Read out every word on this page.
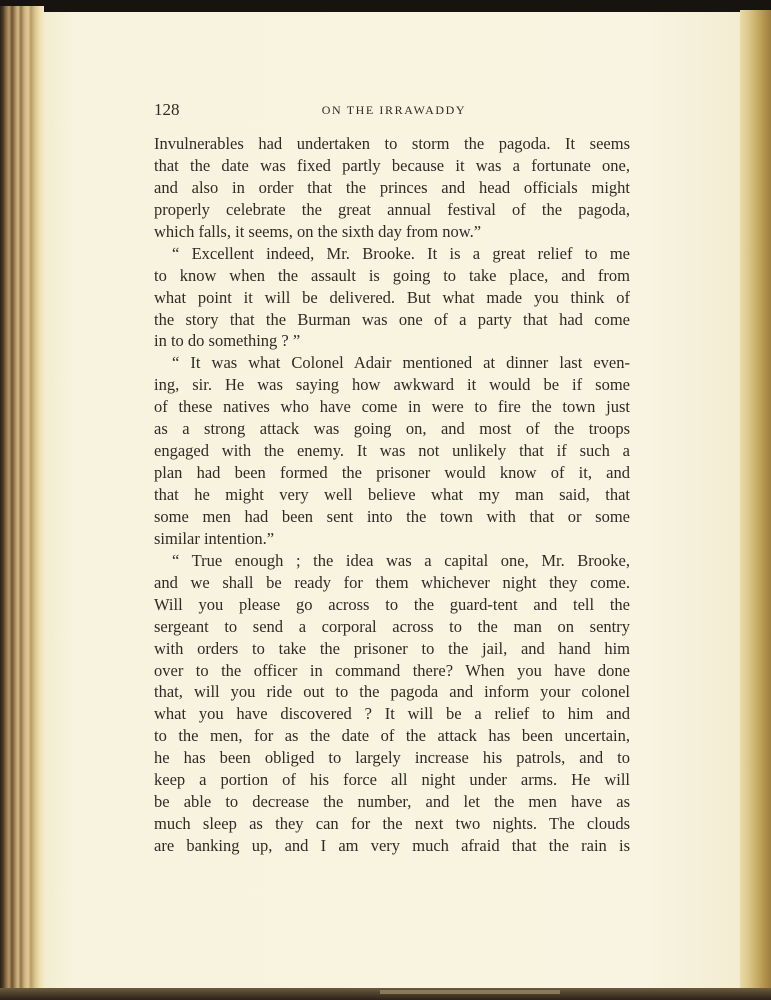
128	ON THE IRRAWADDY
Invulnerables had undertaken to storm the pagoda. It seems
that the date was fixed partly because it was a fortunate one,
and also in order that the princes and head officials might
properly celebrate the great annual festival of the pagoda,
which falls, it seems, on the sixth day from now.”
“ Excellent indeed, Mr. Brooke. It is a great relief to me
to know when the assault is going to take place, and from
what point it will be delivered. But what made you think of
the story that the Burman was one of a party that had come
in to do something ? ”
“ It was what Colonel Adair mentioned at dinner last even-
ing, sir. He was saying how awkward it would be if some
of these natives who have come in were to fire the town just
as a strong attack was going on, and most of the troops
engaged with the enemy. It was not unlikely that if such a
plan had been formed the prisoner would know of it, and
that he might very well believe what my man said, that
some men had been sent into the town with that or some
similar intention.”
“ True enough ; the idea was a capital one, Mr. Brooke,
and we shall be ready for them whichever night they come.
Will you please go across to the guard-tent and tell the
sergeant to send a corporal across to the man on sentry
with orders to take the prisoner to the jail, and hand him
over to the officer in command there? When you have done
that, will you ride out to the pagoda and inform your colonel
what you have discovered ? It will be a relief to him and
to the men, for as the date of the attack has been uncertain,
he has been obliged to largely increase his patrols, and to
keep a portion of his force all night under arms. He will
be able to decrease the number, and let the men have as
much sleep as they can for the next two nights. The clouds
are banking up, and I am very much afraid that the rain is
